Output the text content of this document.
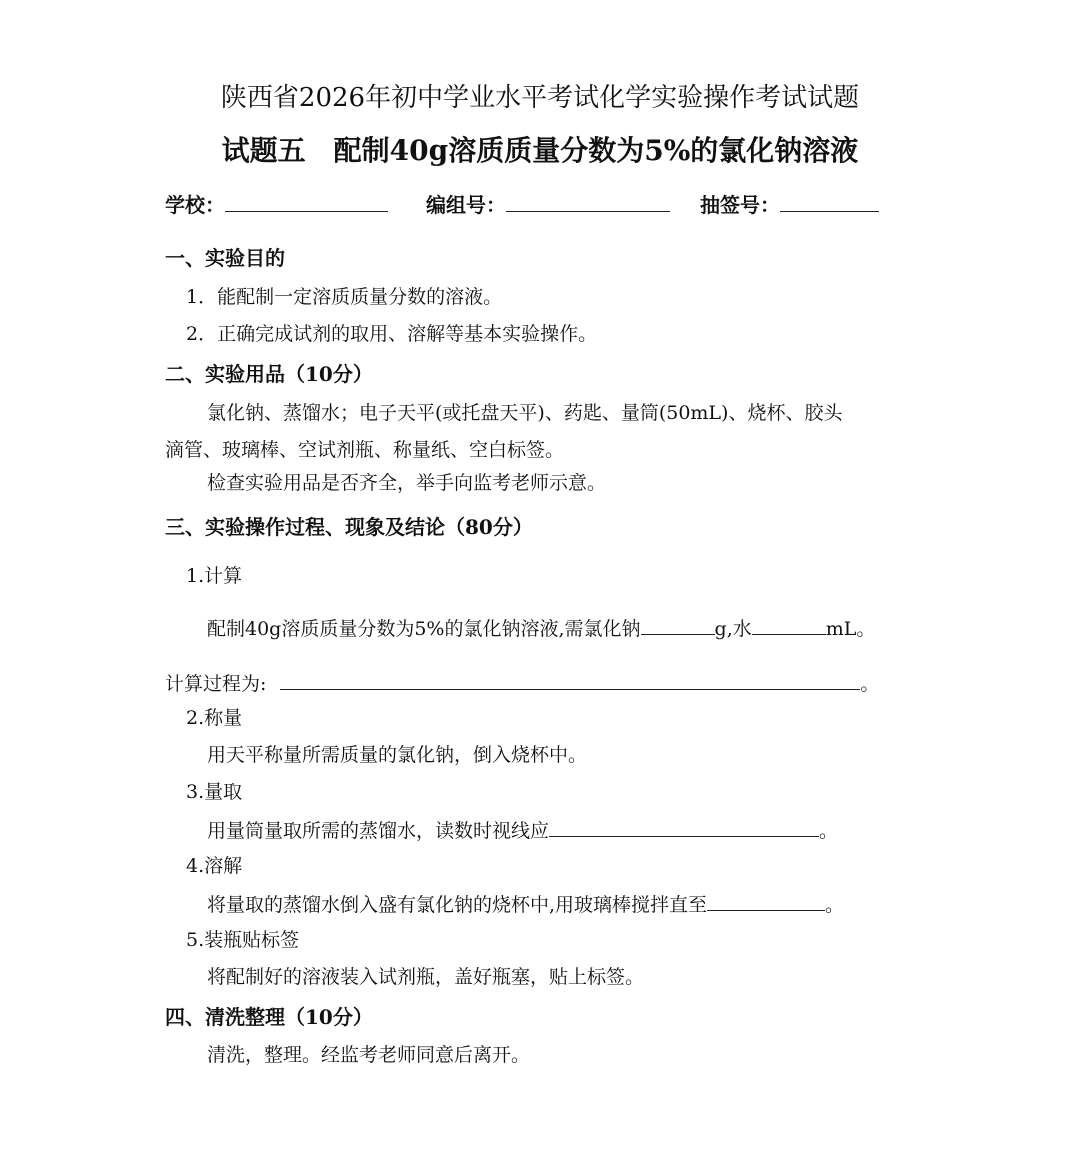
陕西省2026年初中学业水平考试化学实验操作考试试题
试题五　配制40g溶质质量分数为5%的氯化钠溶液
学校：	编组号：	抽签号：
一、实验目的
1．能配制一定溶质质量分数的溶液。
2．正确完成试剂的取用、溶解等基本实验操作。
二、实验用品（10分）
氯化钠、蒸馏水；电子天平(或托盘天平)、药匙、量筒(50mL)、烧杯、胶头
滴管、玻璃棒、空试剂瓶、称量纸、空白标签。
检查实验用品是否齐全，举手向监考老师示意。
三、实验操作过程、现象及结论（80分）
1.计算
配制40g溶质质量分数为5%的氯化钠溶液,需氯化钠	g,水	mL。
计算过程为:	。
2.称量
用天平称量所需质量的氯化钠，倒入烧杯中。
3.量取
用量筒量取所需的蒸馏水，读数时视线应	。
4.溶解
将量取的蒸馏水倒入盛有氯化钠的烧杯中,用玻璃棒搅拌直至	。
5.装瓶贴标签
将配制好的溶液装入试剂瓶，盖好瓶塞，贴上标签。
四、清洗整理（10分）
清洗，整理。经监考老师同意后离开。
